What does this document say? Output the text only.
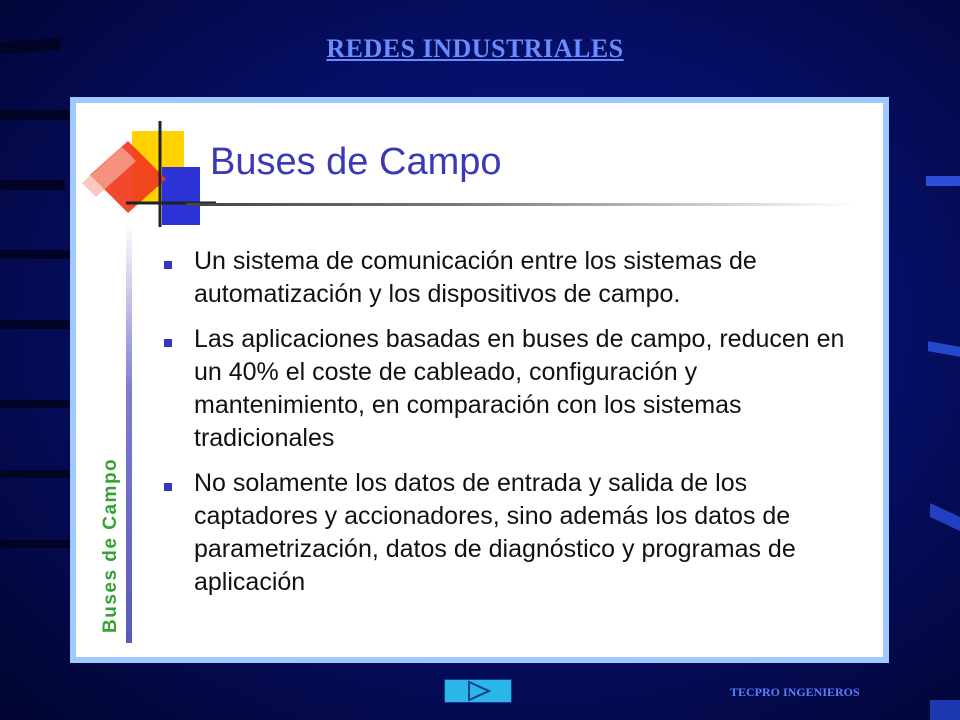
REDES INDUSTRIALES
Buses de Campo
Buses de Campo
Un sistema de comunicación entre los sistemas de automatización y los dispositivos de campo.
Las aplicaciones basadas en buses de campo, reducen en un 40% el coste de cableado, configuración y mantenimiento, en comparación con los sistemas tradicionales
No solamente los datos de entrada y salida de los captadores y accionadores, sino además los datos de parametrización, datos de diagnóstico y programas de aplicación
TECPRO INGENIEROS
